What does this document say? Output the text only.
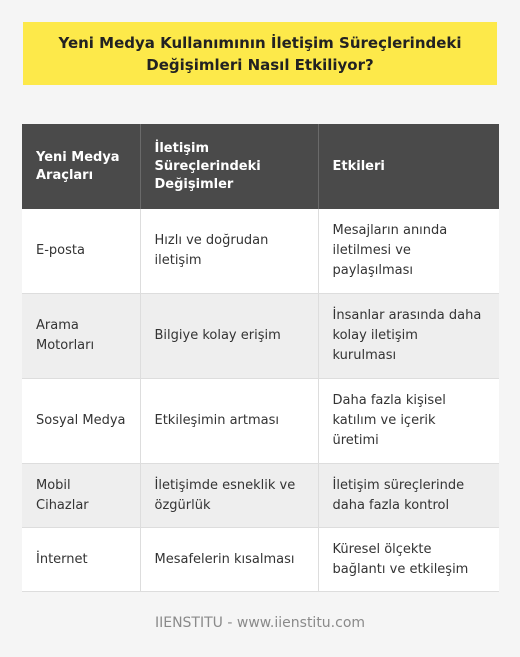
Yeni Medya Kullanımının İletişim Süreçlerindeki Değişimleri Nasıl Etkiliyor?
Yeni Medya Araçları	İletişim Süreçlerindeki Değişimler	Etkileri
E-posta	Hızlı ve doğrudan iletişim	Mesajların anında iletilmesi ve paylaşılması
Arama Motorları	Bilgiye kolay erişim	İnsanlar arasında daha kolay iletişim kurulması
Sosyal Medya	Etkileşimin artması	Daha fazla kişisel katılım ve içerik üretimi
Mobil Cihazlar	İletişimde esneklik ve özgürlük	İletişim süreçlerinde daha fazla kontrol
İnternet	Mesafelerin kısalması	Küresel ölçekte bağlantı ve etkileşim
IIENSTITU - www.iienstitu.com
